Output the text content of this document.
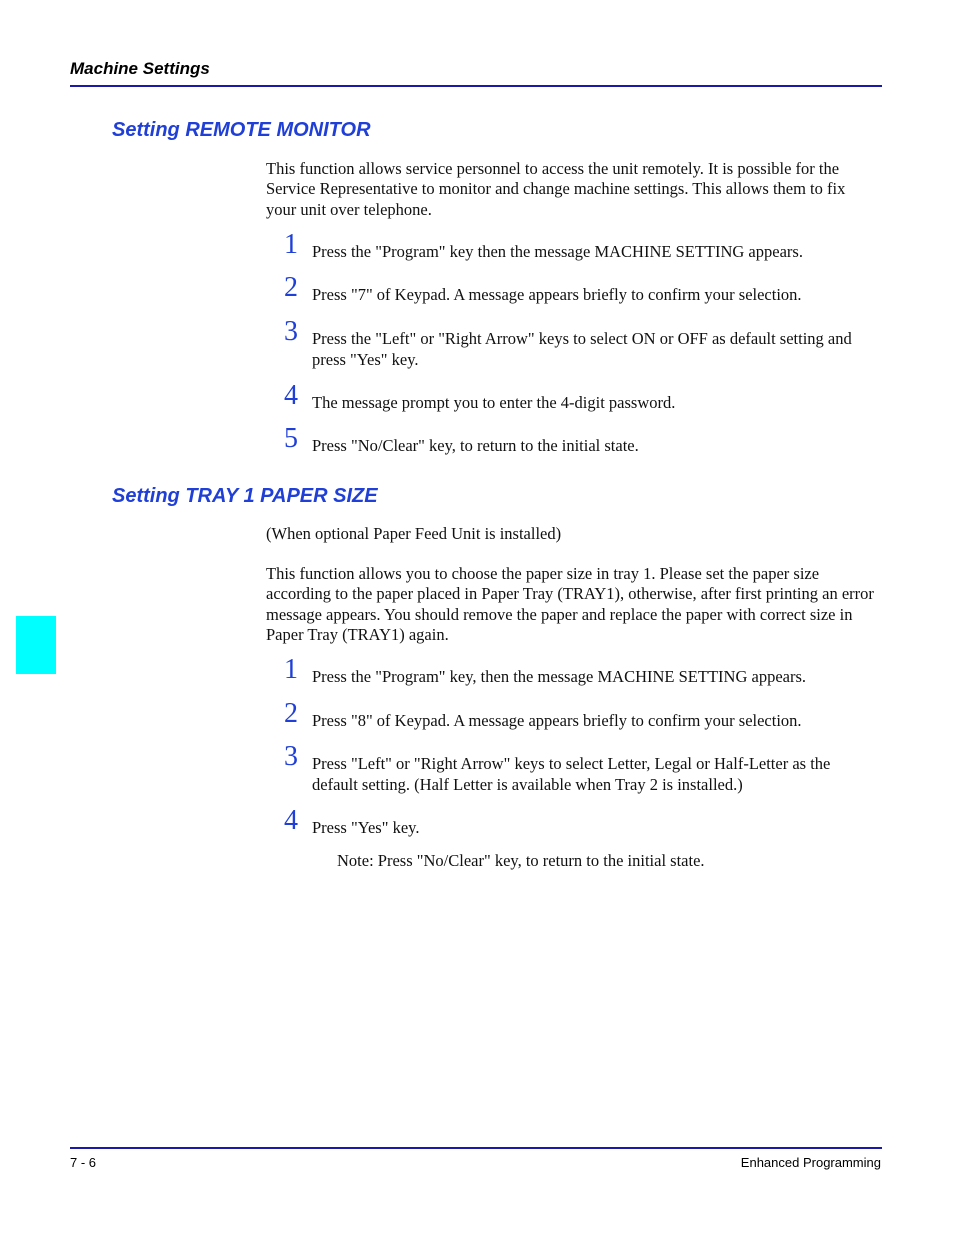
Machine Settings
Setting REMOTE MONITOR

This function allows service personnel to access the unit remotely. It is possible for the Service Representative to monitor and change machine settings. This allows them to fix your unit over telephone.

1 Press the "Program" key then the message MACHINE SETTING appears.
2 Press "7" of Keypad. A message appears briefly to confirm your selection.
3 Press the "Left" or "Right Arrow" keys to select ON or OFF as default setting and press "Yes" key.
4 The message prompt you to enter the 4-digit password.
5 Press "No/Clear" key, to return to the initial state.
Setting TRAY 1 PAPER SIZE

(When optional Paper Feed Unit is installed)

This function allows you to choose the paper size in tray 1. Please set the paper size according to the paper placed in Paper Tray (TRAY1), otherwise, after first printing an error message appears. You should remove the paper and replace the paper with correct size in Paper Tray (TRAY1) again.

1 Press the "Program" key, then the message MACHINE SETTING appears.
2 Press "8" of Keypad. A message appears briefly to confirm your selection.
3 Press "Left" or "Right Arrow" keys to select Letter, Legal or Half-Letter as the default setting. (Half Letter is available when Tray 2 is installed.)
4 Press "Yes" key.
Note: Press "No/Clear" key, to return to the initial state.
7 - 6	Enhanced Programming
